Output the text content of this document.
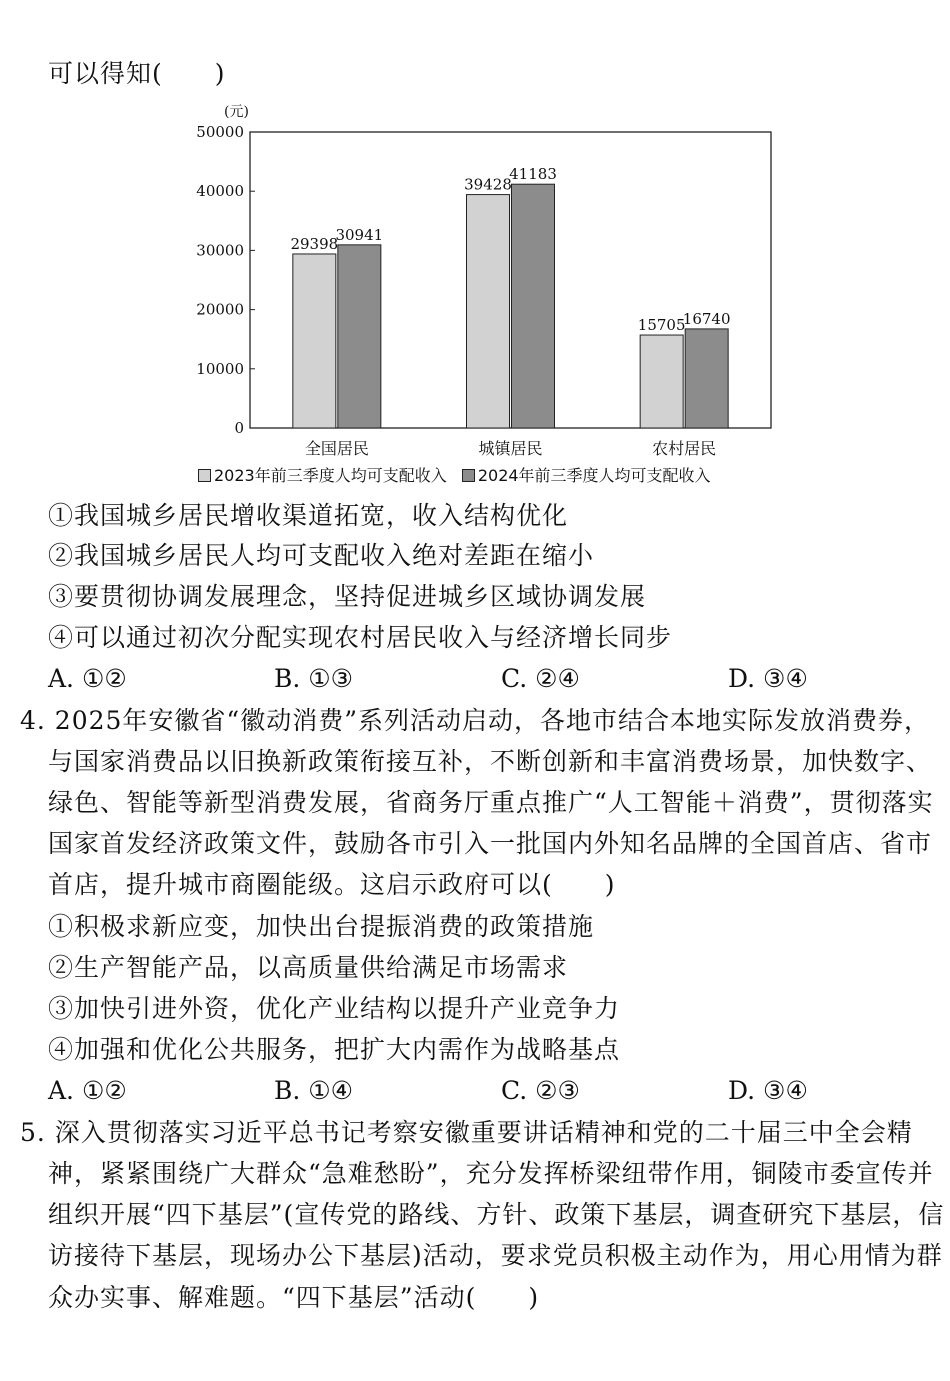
可以得知(　　)
(元)
50000
40000
30000
20000
10000
0
29398
30941
39428
41183
15705
16740
全国居民	城镇居民	农村居民
2023年前三季度人均可支配收入 2024年前三季度人均可支配收入
①我国城乡居民增收渠道拓宽，收入结构优化
②我国城乡居民人均可支配收入绝对差距在缩小
③要贯彻协调发展理念，坚持促进城乡区域协调发展
④可以通过初次分配实现农村居民收入与经济增长同步
A. ①②	B. ①③	C. ②④	D. ③④
4. 2025年安徽省“徽动消费”系列活动启动，各地市结合本地实际发放消费券，
与国家消费品以旧换新政策衔接互补，不断创新和丰富消费场景，加快数字、
绿色、智能等新型消费发展，省商务厅重点推广“人工智能＋消费”，贯彻落实
国家首发经济政策文件，鼓励各市引入一批国内外知名品牌的全国首店、省市
首店，提升城市商圈能级。这启示政府可以(　　)
①积极求新应变，加快出台提振消费的政策措施
②生产智能产品，以高质量供给满足市场需求
③加快引进外资，优化产业结构以提升产业竞争力
④加强和优化公共服务，把扩大内需作为战略基点
A. ①②	B. ①④	C. ②③	D. ③④
5. 深入贯彻落实习近平总书记考察安徽重要讲话精神和党的二十届三中全会精
神，紧紧围绕广大群众“急难愁盼”，充分发挥桥梁纽带作用，铜陵市委宣传并
组织开展“四下基层”(宣传党的路线、方针、政策下基层，调查研究下基层，信
访接待下基层，现场办公下基层)活动，要求党员积极主动作为，用心用情为群
众办实事、解难题。“四下基层”活动(　　)
